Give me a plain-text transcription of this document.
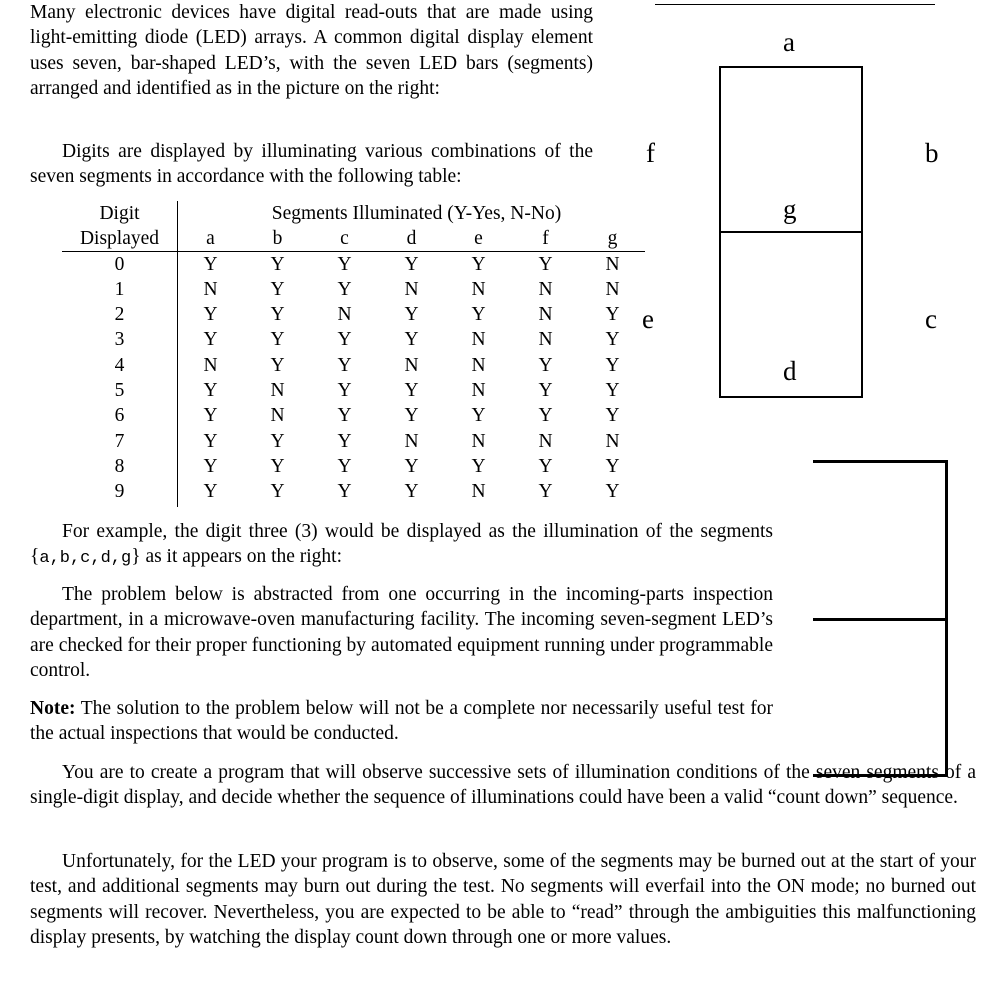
Many electronic devices have digital read-outs that are made using light-emitting diode (LED) arrays. A common digital display element uses seven, bar-shaped LED’s, with the seven LED bars (segments) arranged and identified as in the picture on the right:

Digits are displayed by illuminating various combinations of the seven segments in accordance with the following table:

Digit	Segments Illuminated (Y-Yes, N-No)						
Displayed	a	b	c	d	e	f	g
0	Y	Y	Y	Y	Y	Y	N
1	N	Y	Y	N	N	N	N
2	Y	Y	N	Y	Y	N	Y
3	Y	Y	Y	Y	N	N	Y
4	N	Y	Y	N	N	Y	Y
5	Y	N	Y	Y	N	Y	Y
6	Y	N	Y	Y	Y	Y	Y
7	Y	Y	Y	N	N	N	N
8	Y	Y	Y	Y	Y	Y	Y
9	Y	Y	Y	Y	N	Y	Y
a
f	b
g
e	c
d

For example, the digit three (3) would be displayed as the illumination of the segments {a,b,c,d,g} as it appears on the right:

The problem below is abstracted from one occurring in the incoming-parts inspection department, in a microwave-oven manufacturing facility. The incoming seven-segment LED’s are checked for their proper functioning by automated equipment running under programmable control.

Note: The solution to the problem below will not be a complete nor necessarily useful test for the actual inspections that would be conducted.

You are to create a program that will observe successive sets of illumination conditions of the seven segments of a single-digit display, and decide whether the sequence of illuminations could have been a valid “count down” sequence.

Unfortunately, for the LED your program is to observe, some of the segments may be burned out at the start of your test, and additional segments may burn out during the test. No segments will everfail into the ON mode; no burned out segments will recover. Nevertheless, you are expected to be able to “read” through the ambiguities this malfunctioning display presents, by watching the display count down through one or more values.
